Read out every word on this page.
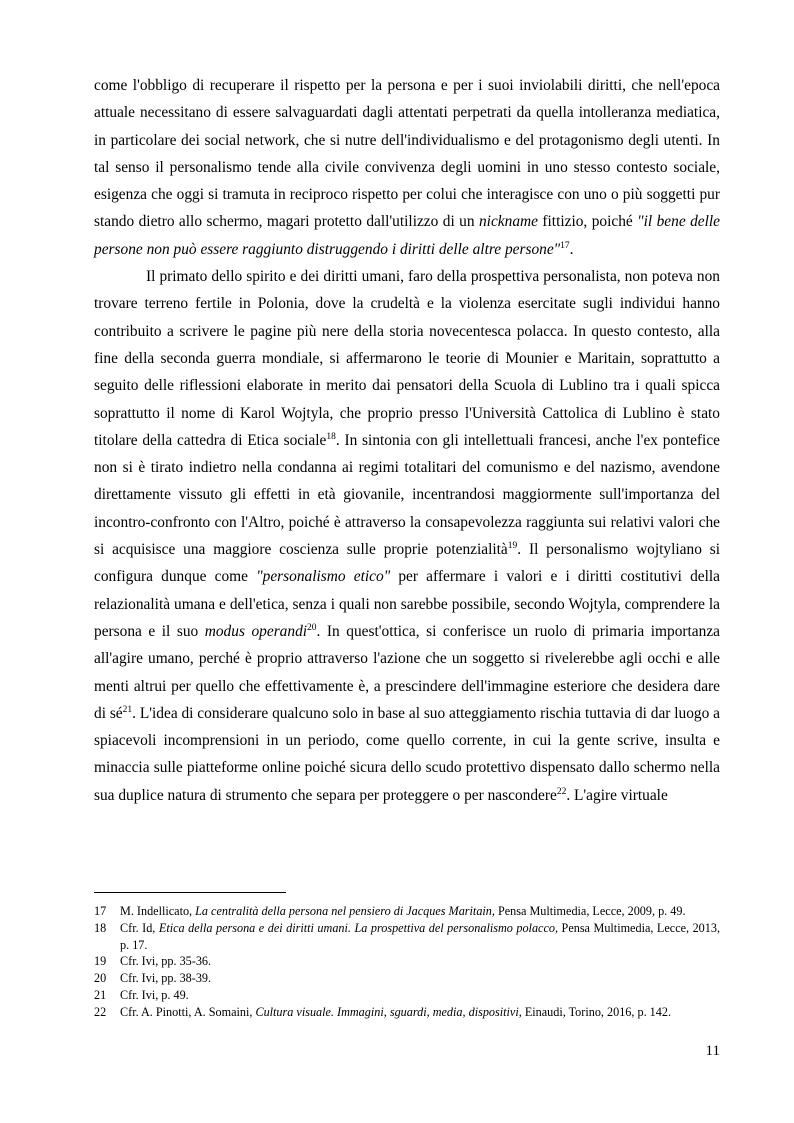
come l'obbligo di recuperare il rispetto per la persona e per i suoi inviolabili diritti, che nell'epoca attuale necessitano di essere salvaguardati dagli attentati perpetrati da quella intolleranza mediatica, in particolare dei social network, che si nutre dell'individualismo e del protagonismo degli utenti. In tal senso il personalismo tende alla civile convivenza degli uomini in uno stesso contesto sociale, esigenza che oggi si tramuta in reciproco rispetto per colui che interagisce con uno o più soggetti pur stando dietro allo schermo, magari protetto dall'utilizzo di un nickname fittizio, poiché "il bene delle persone non può essere raggiunto distruggendo i diritti delle altre persone"$^{17}$.

Il primato dello spirito e dei diritti umani, faro della prospettiva personalista, non poteva non trovare terreno fertile in Polonia, dove la crudeltà e la violenza esercitate sugli individui hanno contribuito a scrivere le pagine più nere della storia novecentesca polacca. In questo contesto, alla fine della seconda guerra mondiale, si affermarono le teorie di Mounier e Maritain, soprattutto a seguito delle riflessioni elaborate in merito dai pensatori della Scuola di Lublino tra i quali spicca soprattutto il nome di Karol Wojtyla, che proprio presso l'Università Cattolica di Lublino è stato titolare della cattedra di Etica sociale$^{18}$. In sintonia con gli intellettuali francesi, anche l'ex pontefice non si è tirato indietro nella condanna ai regimi totalitari del comunismo e del nazismo, avendone direttamente vissuto gli effetti in età giovanile, incentrandosi maggiormente sull'importanza del incontro-confronto con l'Altro, poiché è attraverso la consapevolezza raggiunta sui relativi valori che si acquisisce una maggiore coscienza sulle proprie potenzialità$^{19}$. Il personalismo wojtyliano si configura dunque come "personalismo etico" per affermare i valori e i diritti costitutivi della relazionalità umana e dell'etica, senza i quali non sarebbe possibile, secondo Wojtyla, comprendere la persona e il suo modus operandi$^{20}$. In quest'ottica, si conferisce un ruolo di primaria importanza all'agire umano, perché è proprio attraverso l'azione che un soggetto si rivelerebbe agli occhi e alle menti altrui per quello che effettivamente è, a prescindere dell'immagine esteriore che desidera dare di $sé^{21}$. L'idea di considerare qualcuno solo in base al suo atteggiamento rischia tuttavia di dar luogo a spiacevoli incomprensioni in un periodo, come quello corrente, in cui la gente scrive, insulta e minaccia sulle piatteforme online poiché sicura dello scudo protettivo dispensato dallo schermo nella sua duplice natura di strumento che separa per proteggere o per nascondere$^{22}$. L'agire virtuale

17 M. Indellicato, La centralità della persona nel pensiero di Jacques Maritain, Pensa Multimedia, Lecce, 2009, p. 49.

18 Cfr. Id, Etica della persona e dei diritti umani. La prospettiva del personalismo polacco, Pensa Multimedia, Lecce, 2013, p. 17.

19 Cfr. Ivi, pp. 35-36.

20 Cfr. Ivi, pp. 38-39.

21 Cfr. Ivi, p. 49.

22 Cfr. A. Pinotti, A. Somaini, Cultura visuale. Immagini, sguardi, media, dispositivi, Einaudi, Torino, 2016, p. 142.

11
